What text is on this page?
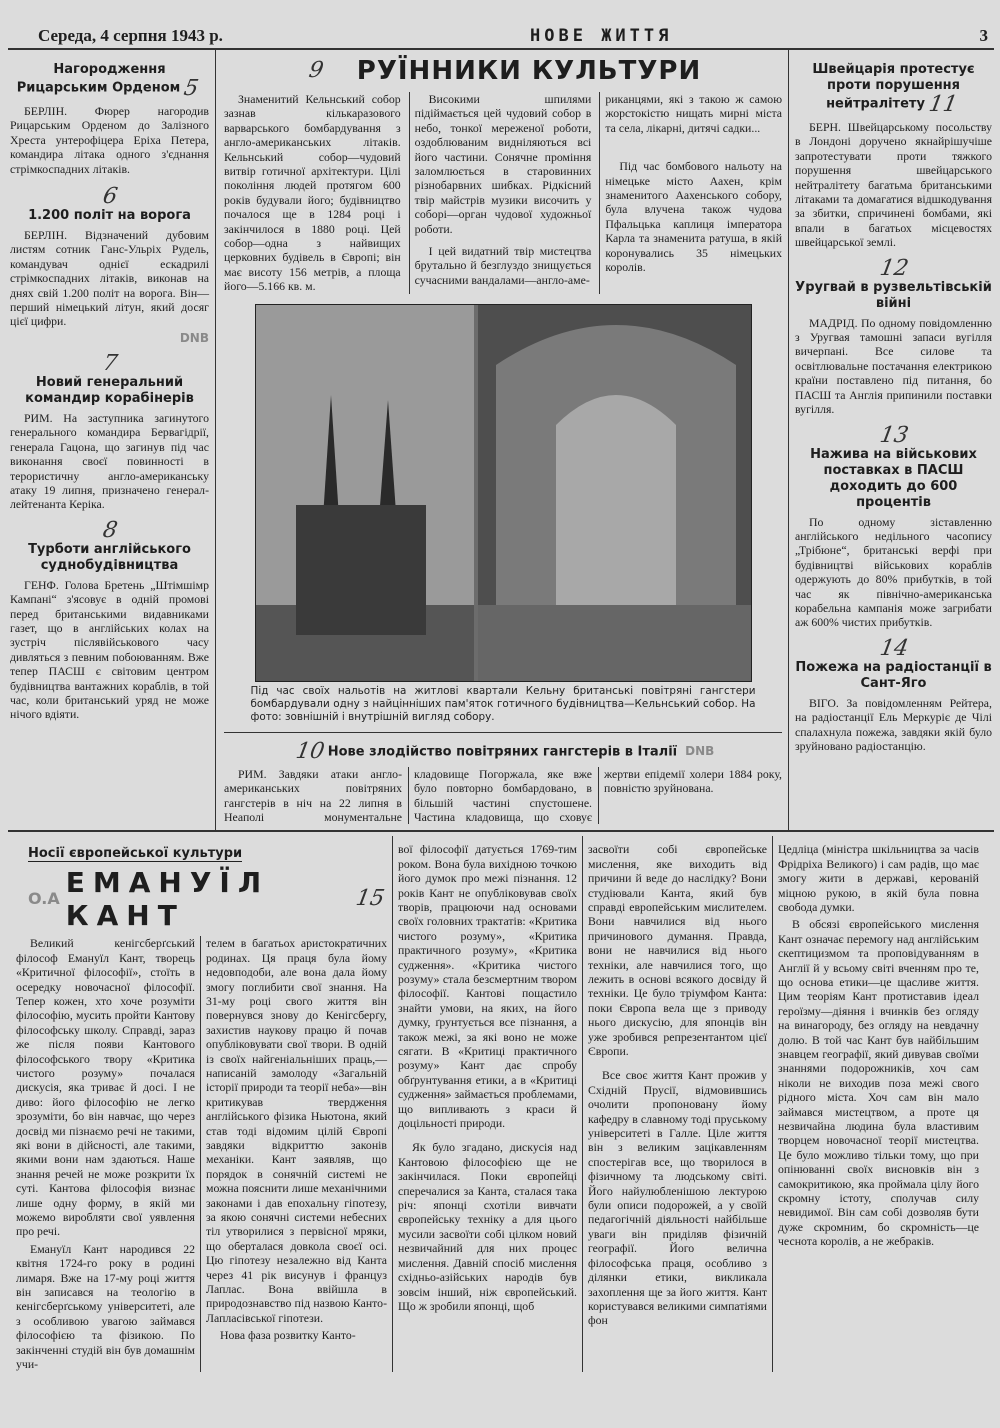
Середа, 4 серпня 1943 р.	НОВЕ ЖИТТЯ	3
Нагородження Рицарським Орденом5

БЕРЛІН. Фюрер нагородив Рицарським Орденом до Залізного Хреста унтерофіцера Еріха Петера, командира літака одного з'єднання стрімкоспадних літаків.

6
1.200 політ на ворога

БЕРЛІН. Відзначений дубовим листям сотник Ганс-Ульріх Рудель, командувач однієї ескадрилі стрімкоспадних літаків, виконав на днях свій 1.200 політ на ворога. Він—перший німецький літун, який досяг цієї цифри.

DNB
7
Новий генеральний командир корабінерів

РИМ. На заступника загинутого генерального командира Бервагідрії, генерала Гацона, що загинув під час виконання своєї повинності в терористичну англо-американську атаку 19 липня, призначено генерал-лейтенанта Керіка.

8
Турботи англійського суднобудівництва

ГЕНФ. Голова Бретень „Штімшімр Кампані“ з'ясовує в одній промові перед британськими видавниками газет, що в англійських колах на зустріч післявійськового часу дивляться з певним побоюванням. Вже тепер ПАСШ є світовим центром будівництва вантажних кораблів, в той час, коли британський уряд не може нічого вдіяти.

9 РУЇННИКИ КУЛЬТУРИ

Знаменитий Кельнський собор зазнав кількаразового варварського бомбардування з англо-американських літаків. Кельнський собор—чудовий витвір готичної архітектури. Цілі покоління людей протягом 600 років будували його; будівництво почалося ще в 1284 році і закінчилося в 1880 році. Цей собор—одна з найвищих церковних будівель в Європі; він має висоту 156 метрів, а площа його—5.166 кв. м.

Високими шпилями підіймається цей чудовий собор в небо, тонкої мереженої роботи, оздоблюваним видніляються всі його частини. Сонячне проміння заломлюється в старовинних різнобарвних шибках. Рідкісний твір майстрів музики височить у соборі—орган чудової художньої роботи.

І цей видатний твір мистецтва брутально й безглуздо знищується сучасними вандалами—англо-аме-

риканцями, які з такою ж самою жорстокістю нищать мирні міста та села, лікарні, дитячі садки...

Під час бомбового нальоту на німецьке місто Аахен, крім знаменитого Аахенського собору, була влучена також чудова Пфальцька каплиця імператора Карла та знаменита ратуша, в якій коронувались 35 німецьких королів.

Під час своїх нальотів на житлові квартали Кельну британські повітряні гангстери бомбардували одну з найцінніших пам'яток готичного будівництва—Кельнський собор. На фото: зовнішній і внутрішній вигляд собору.
10 Нове злодійство повітряних гангстерів в Італії DNB

РИМ. Завдяки атаки англо-американських повітряних гангстерів в ніч на 22 липня в Неаполі монументальне кладовище Погоржала, яке вже було повторно бомбардовано, в більшій частині спустошене. Частина кладовища, що сховує жертви епідемії холери 1884 року, повністю зруйнована.

Швейцарія протестує проти порушення нейтралітету11

БЕРН. Швейцарському посольству в Лондоні доручено якнайрішучіше запротестувати проти тяжкого порушення швейцарського нейтралітету багатьма британськими літаками та домагатися відшкодування за збитки, спричинені бомбами, які впали в багатьох місцевостях швейцарської землі.

12
Уругвай в рузвельтівській війні

МАДРІД. По одному повідомленню з Уругвая тамошні запаси вугілля вичерпані. Все силове та освітлювальне постачання електрикою країни поставлено під питання, бо ПАСШ та Англія припинили поставки вугілля.

13
Нажива на військових поставках в ПАСШ доходить до 600 процентів

По одному зіставленню англійського недільного часопису „Трібюне“, британські верфі при будівництві військових кораблів одержують до 80% прибутків, в той час як північно-американська корабельна кампанія може загрибати аж 600% чистих прибутків.

14
Пожежа на радіостанції в Сант-Яго

ВІГО. За повідомленням Рейтера, на радіостанції Ель Меркуріє де Чілі спалахнула пожежа, завдяки якій було зруйновано радіостанцію.

Носії європейської культури
O.A ЕМАНУЇЛ КАНТ
15

Великий кенігсберґський філософ Емануїл Кант, творець «Критичної філософії», стоїть в осередку новочасної філософії. Тепер кожен, хто хоче розуміти філософію, мусить пройти Кантову філософську школу. Справді, зараз же після появи Кантового філософського твору «Критика чистого розуму» почалася дискусія, яка триває й досі. І не диво: його філософію не легко зрозуміти, бо він навчає, що через досвід ми пізнаємо речі не такими, які вони в дійсності, але такими, якими вони нам здаються. Наше знання речей не може розкрити їх суті. Кантова філософія визнає лише одну форму, в якій ми можемо виробляти свої уявлення про речі.

Емануїл Кант народився 22 квітня 1724-го року в родині лимаря. Вже на 17-му році життя він записався на теологію в кенігсберґському університеті, але з особливою увагою займався філософією та фізикою. По закінченні студій він був домашнім учи-

телем в багатьох аристократичних родинах. Ця праця була йому недовподоби, але вона дала йому змогу поглибити свої знання. На 31-му році свого життя він повернувся знову до Кенігсберґу, захистив наукову працю й почав опубліковувати свої твори. В одній із своїх найгеніальніших праць,—написаній замолоду «Загальній історії природи та теорії неба»—він критикував твердження англійського фізика Ньютона, який став тоді відомим цілій Європі завдяки відкриттю законів механіки. Кант заявляв, що порядок в сонячній системі не можна пояснити лише механічними законами і дав епохальну гіпотезу, за якою сонячні системи небесних тіл утворилися з первісної мряки, що оберталася довкола своєї осі. Цю гіпотезу незалежно від Канта через 41 рік висунув і француз Лаплас. Вона ввійшла в природознавство під назвою Канто-Лапласівської гіпотези.

Нова фаза розвитку Канто-

вої філософії датується 1769-тим роком. Вона була вихідною точкою його думок про межі пізнання. 12 років Кант не опубліковував своїх творів, працюючи над основами своїх головних трактатів: «Критика чистого розуму», «Критика практичного розуму», «Критика судження». «Критика чистого розуму» стала безсмертним твором філософії. Кантові пощастило знайти умови, на яких, на його думку, ґрунтується все пізнання, а також межі, за які воно не може сягати. В «Критиці практичного розуму» Кант дає спробу обґрунтування етики, а в «Критиці судження» займається проблемами, що випливають з краси й доцільності природи.

Як було згадано, дискусія над Кантовою філософією ще не закінчилася. Поки європейці сперечалися за Канта, сталася така річ: японці схотіли вивчати європейську техніку а для цього мусили засвоїти собі цілком новий незвичайний для них процес мислення. Давній спосіб мислення східньо-азійських народів був зовсім інший, ніж європейський. Що ж зробили японці, щоб

засвоїти собі європейське мислення, яке виходить від причини й веде до наслідку? Вони студіювали Канта, який був справді европейським мислителем. Вони навчилися від нього причинового думання. Правда, вони не навчилися від нього техніки, але навчилися того, що лежить в основі всякого досвіду й техніки. Це було тріумфом Канта: поки Європа вела ще з приводу нього дискусію, для японців він уже зробився репрезентантом цієї Європи.

Все своє життя Кант прожив у Східній Прусії, відмовившись очолити пропоновану йому кафедру в славному тоді пруському університеті в Галле. Ціле життя він з великим зацікавленням спостерігав все, що творилося в фізичному та людському світі. Його найулюбленішою лектурою були описи подорожей, а у своїй педагогічній діяльності найбільше уваги він приділяв фізичній географії. Його велична філософська праця, особливо з ділянки етики, викликала захоплення ще за його життя. Кант користувався великими симпатіями фон

Цедліца (міністра шкільництва за часів Фрідріха Великого) і сам радів, що має змогу жити в державі, керованій міцною рукою, в якій була повна свобода думки.

В обсязі європейського мислення Кант означає перемогу над англійським скептицизмом та проповідуванням в Англії й у всьому світі вченням про те, що основа етики—це щасливе життя. Цим теоріям Кант протиставив ідеал героїзму—діяння і вчинків без огляду на винагороду, без огляду на невдачну долю. В той час Кант був найбільшим знавцем географії, який дивував своїми знаннями подорожників, хоч сам ніколи не виходив поза межі свого рідного міста. Хоч сам він мало займався мистецтвом, а проте ця незвичайна людина була властивим творцем новочасної теорії мистецтва. Це було можливо тільки тому, що при опінюванні своїх висновків він з самокритикою, яка проймала цілу його скромну істоту, сполучав силу невидимої. Він сам собі дозволяв бути дуже скромним, бо скромність—це чеснота королів, а не жебраків.
